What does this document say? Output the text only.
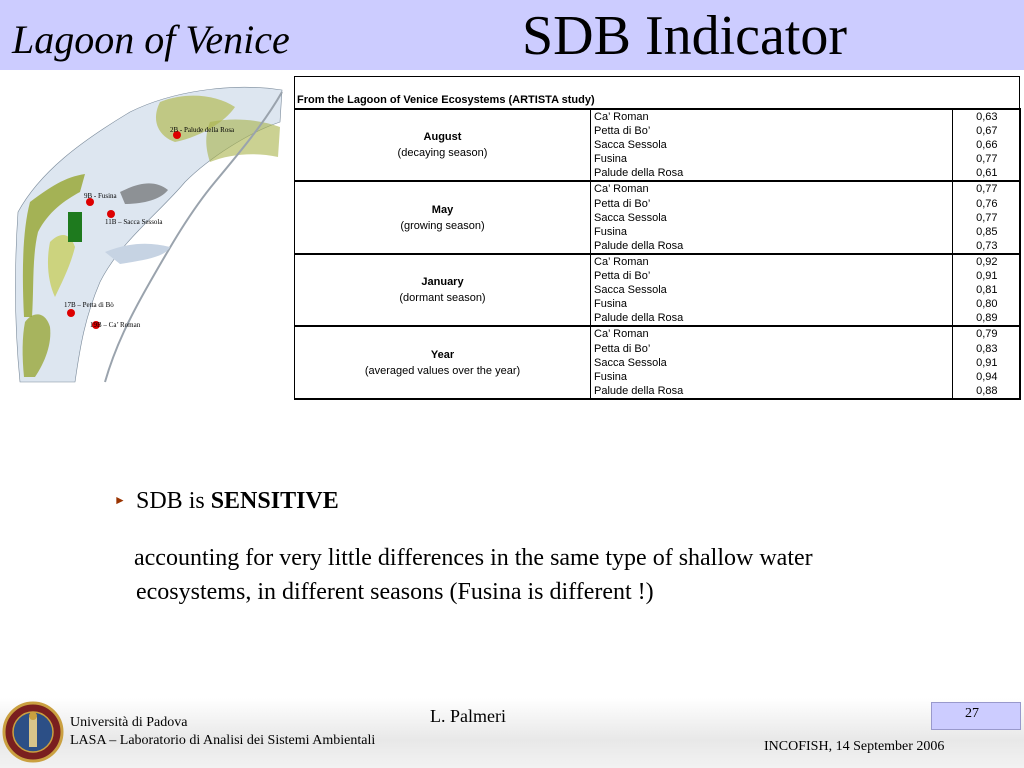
Lagoon of Venice	SDB Indicator
2B - Palude della Rosa
9B - Fusina
11B – Sacca Sessola
17B – Petta di Bò
19B – Ca’ Roman
From the Lagoon of Venice Ecosystems (ARTISTA study)		

August
(decaying season)	Ca’ Roman	0,63
	Petta di Bo’	0,67
	Sacca Sessola	0,66
	Fusina	0,77
	Palude della Rosa	0,61

May
(growing season)	Ca’ Roman	0,77
	Petta di Bo’	0,76
	Sacca Sessola	0,77
	Fusina	0,85
	Palude della Rosa	0,73

January
(dormant season)	Ca’ Roman	0,92
	Petta di Bo’	0,91
	Sacca Sessola	0,81
	Fusina	0,80
	Palude della Rosa	0,89

Year
(averaged values over the year)	Ca’ Roman	0,79
	Petta di Bo’	0,83
	Sacca Sessola	0,91
	Fusina	0,94
	Palude della Rosa	0,88
► SDB is SENSITIVE
accounting for very little differences in the same type of shallow water
ecosystems, in different seasons (Fusina is different !)
Università di Padova
LASA – Laboratorio di Analisi dei Sistemi Ambientali
L. Palmeri	27
INCOFISH, 14 September 2006
